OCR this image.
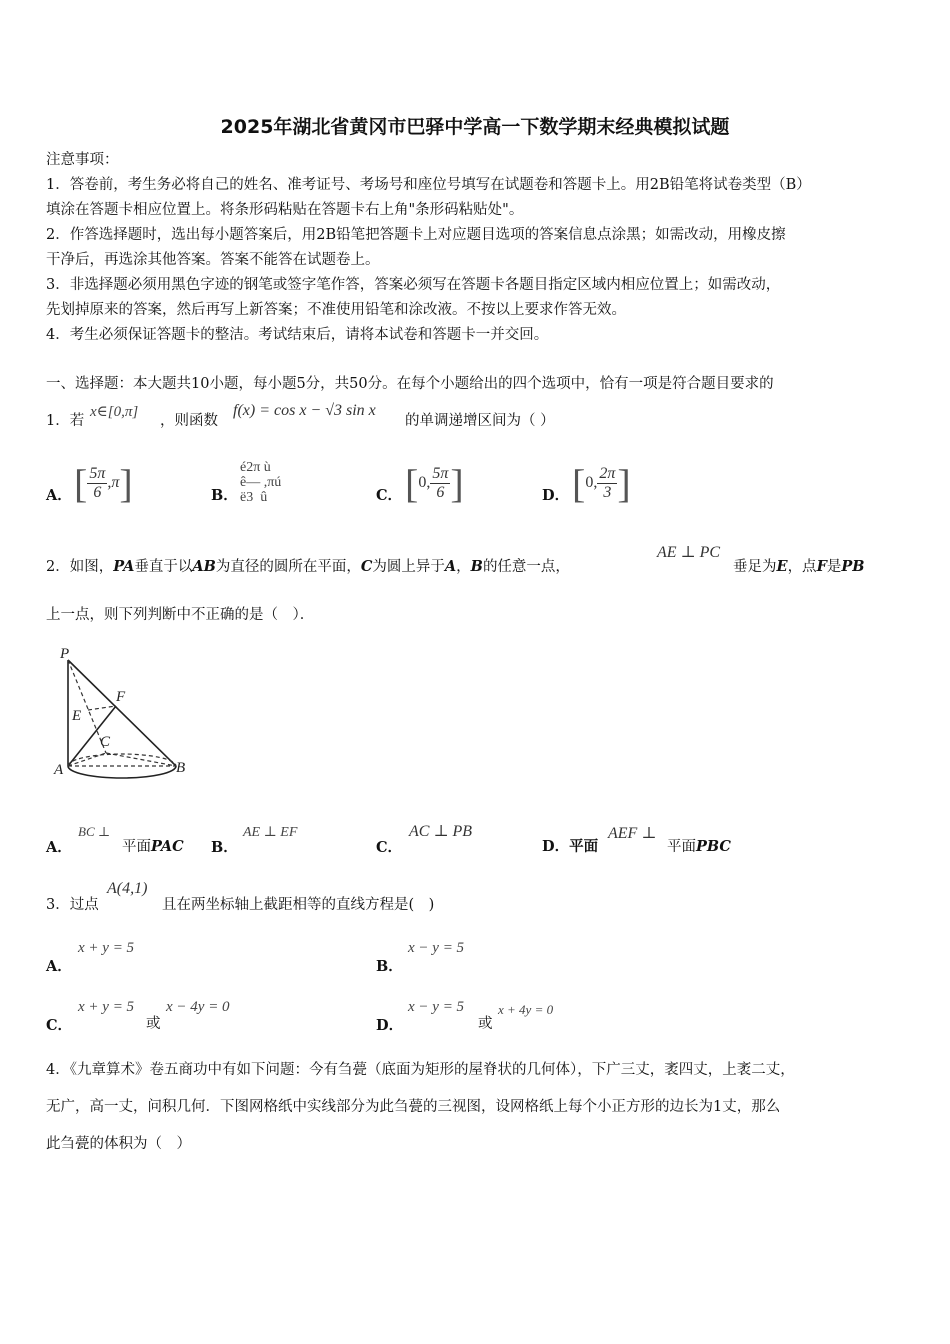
2025年湖北省黄冈市巴驿中学高一下数学期末经典模拟试题
注意事项：
1．答卷前，考生务必将自己的姓名、准考证号、考场号和座位号填写在试题卷和答题卡上。用2B铅笔将试卷类型（B）
填涂在答题卡相应位置上。将条形码粘贴在答题卡右上角"条形码粘贴处"。
2．作答选择题时，选出每小题答案后，用2B铅笔把答题卡上对应题目选项的答案信息点涂黑；如需改动，用橡皮擦
干净后，再选涂其他答案。答案不能答在试题卷上。
3．非选择题必须用黑色字迹的钢笔或签字笔作答，答案必须写在答题卡各题目指定区域内相应位置上；如需改动，
先划掉原来的答案，然后再写上新答案；不准使用铅笔和涂改液。不按以上要求作答无效。
4．考生必须保证答题卡的整洁。考试结束后，请将本试卷和答题卡一并交回。
一、选择题：本大题共10小题，每小题5分，共50分。在每个小题给出的四个选项中，恰有一项是符合题目要求的
1．若
x∈[0,π]
，则函数
f(x) = cos x − √3 sin x
的单调递增区间为（ ）
A． [ $\frac{5\pi}{6} ,\pi$]	B．
é2π ù
ê— ,πú
ë3  û	C． [0, $\frac{5\pi}{6}$ ]	D． [0, $\frac{2\pi}{3}$ ]
2．如图，PA垂直于以AB为直径的圆所在平面，C为圆上异于A，B的任意一点，
AE ⊥ PC
垂足为E，点F是PB
上一点，则下列判断中不正确的是（　）．
P
F
E
C
A	B
A．
BC ⊥
平面PAC B．
AE ⊥ EF
C．
AC ⊥ PB
D．平面
AEF ⊥
平面PBC
3．过点
A(4,1)
且在两坐标轴上截距相等的直线方程是(　)
A．
x + y = 5
B．
x − y = 5
C．
x + y = 5
或
x − 4y = 0
D．
x − y = 5
或
x + 4y = 0
4．《九章算术》卷五商功中有如下问题：今有刍甍（底面为矩形的屋脊状的几何体），下广三丈，袤四丈，上袤二丈，
无广，高一丈，问积几何．下图网格纸中实线部分为此刍甍的三视图，设网格纸上每个小正方形的边长为1丈，那么
此刍甍的体积为（　）
